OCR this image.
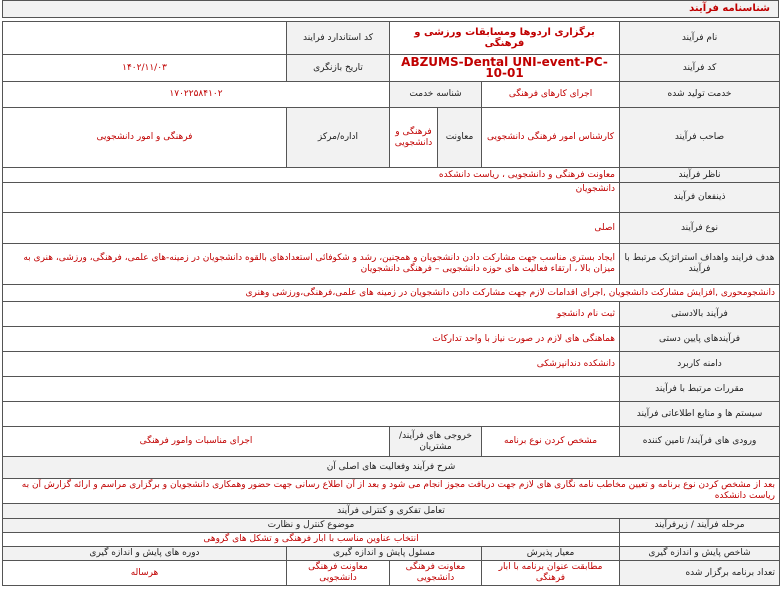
شناسنامه فرآیند
نام فرآیند	برگزاری اردوها ومسابقات ورزشی و فرهنگی			کد استاندارد فرایند	
کد فرآیند	ABZUMS-Dental UNI-event-PC-10-01			تاریخ بازنگری	۱۴۰۲/۱۱/۰۳
خدمت تولید شده	اجرای کارهای فرهنگی	شناسه خدمت		۱۷۰۲۲۵۸۴۱۰۲	
صاحب فرآیند	کارشناس امور فرهنگی دانشجویی	معاونت	فرهنگی و دانشجویی	اداره/مرکز	فرهنگی و امور دانشجویی
ناظر فرآیند	معاونت فرهنگی و دانشجویی ، ریاست دانشکده				
ذینفعان فرآیند	دانشجویان				
نوع فرآیند	اصلی				
هدف فرایند واهداف استراتژیک مرتبط با فرآیند	ایجاد بستری مناسب جهت مشارکت دادن دانشجویان و همچنین، رشد و شکوفائی استعدادهای بالقوه دانشجویان در زمینه-های علمی، فرهنگی، ورزشی، هنری به میزان بالا ، ارتقاء فعالیت های حوزه دانشجویی – فرهنگی دانشجویان				
دانشجومحوری ,افزایش مشارکت دانشجویان ,اجرای اقدامات لازم جهت مشارکت دادن دانشجویان در زمینه های علمی،فرهنگی،ورزشی وهنری					
فرآیند بالادستی	ثبت نام دانشجو				
فرآیندهای پایین دستی	هماهنگی های لازم در صورت نیاز با واحد تدارکات				
دامنه کاربرد	دانشکده دندانپزشکی				
مقررات مرتبط با فرآیند					
سیستم ها و منابع اطلاعاتی فرآیند					
ورودی های فرآیند/ تامین کننده	مشخص کردن نوع برنامه	خروجی های فرآیند/ مشتریان		اجرای مناسبات وامور فرهنگی	
شرح فرآیند وفعالیت های اصلی آن					
بعد از مشخص کردن نوع برنامه و تعیین مخاطب نامه نگاری های لازم جهت دریافت مجوز انجام می شود و بعد از آن اطلاع رسانی جهت حضور وهمکاری دانشجویان و برگزاری مراسم و ارائه گزارش آن به ریاست دانشکده					
تعامل تفکری و کنترلی فرآیند					
مرحله فرآیند / زیرفرآیند	موضوع کنترل و نظارت				
	انتخاب عناوین مناسب با ابار فرهنگی و تشکل های گروهی				
شاخص پایش و اندازه گیری	معیار پذیرش	مسئول پایش و اندازه گیری			دوره های پایش و اندازه گیری
تعداد برنامه برگزار شده	مطابقت عنوان برنامه با ابار فرهنگی	معاونت فرهنگی دانشجویی		معاونت فرهنگی دانشجویی	هرساله
